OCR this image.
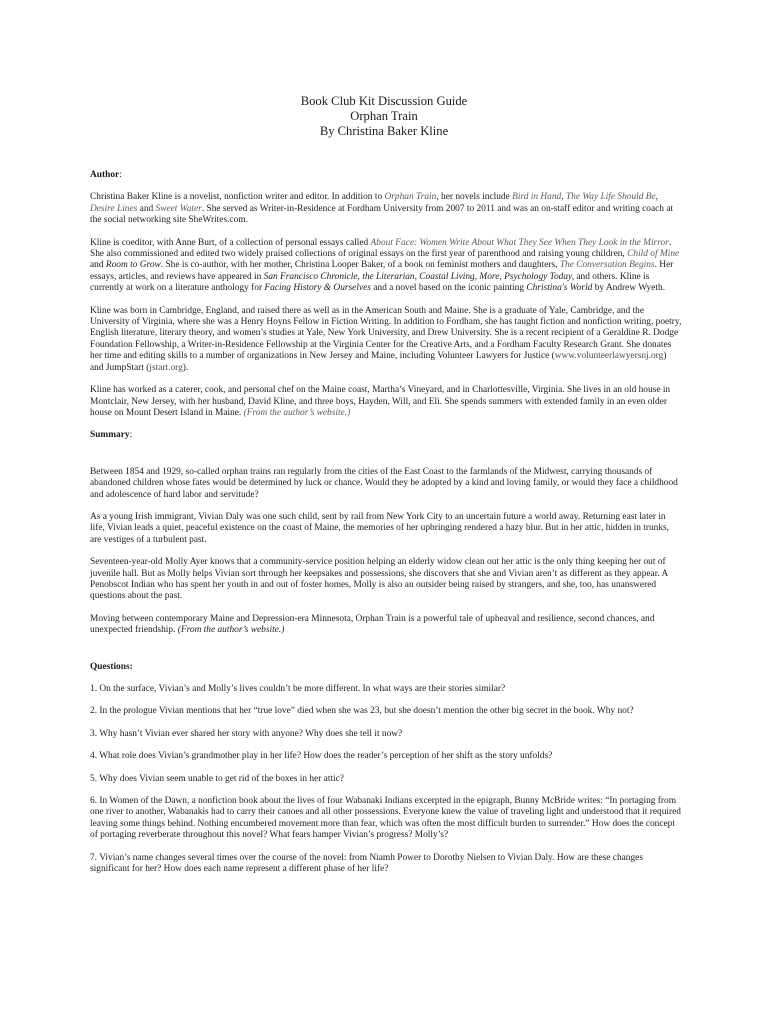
Book Club Kit Discussion Guide
Orphan Train
By Christina Baker Kline
Author:

Christina Baker Kline is a novelist, nonfiction writer and editor. In addition to Orphan Train, her novels include Bird in Hand, The Way Life Should Be, Desire Lines and Sweet Water. She served as Writer-in-Residence at Fordham University from 2007 to 2011 and was an on-staff editor and writing coach at the social networking site SheWrites.com.

Kline is coeditor, with Anne Burt, of a collection of personal essays called About Face: Women Write About What They See When They Look in the Mirror. She also commissioned and edited two widely praised collections of original essays on the first year of parenthood and raising young children, Child of Mine and Room to Grow. She is co-author, with her mother, Christina Looper Baker, of a book on feminist mothers and daughters, The Conversation Begins. Her essays, articles, and reviews have appeared in San Francisco Chronicle, the Literarian, Coastal Living, More, Psychology Today, and others. Kline is currently at work on a literature anthology for Facing History & Ourselves and a novel based on the iconic painting Christina's World by Andrew Wyeth.

Kline was born in Cambridge, England, and raised there as well as in the American South and Maine. She is a graduate of Yale, Cambridge, and the University of Virginia, where she was a Henry Hoyns Fellow in Fiction Writing. In addition to Fordham, she has taught fiction and nonfiction writing, poetry, English literature, literary theory, and women’s studies at Yale, New York University, and Drew University. She is a recent recipient of a Geraldine R. Dodge Foundation Fellowship, a Writer-in-Residence Fellowship at the Virginia Center for the Creative Arts, and a Fordham Faculty Research Grant. She donates her time and editing skills to a number of organizations in New Jersey and Maine, including Volunteer Lawyers for Justice (www.volunteerlawyersnj.org) and JumpStart (jstart.org).

Kline has worked as a caterer, cook, and personal chef on the Maine coast, Martha’s Vineyard, and in Charlottesville, Virginia. She lives in an old house in Montclair, New Jersey, with her husband, David Kline, and three boys, Hayden, Will, and Eli. She spends summers with extended family in an even older house on Mount Desert Island in Maine. (From the author’s website.)

Summary:

Between 1854 and 1929, so-called orphan trains ran regularly from the cities of the East Coast to the farmlands of the Midwest, carrying thousands of abandoned children whose fates would be determined by luck or chance. Would they be adopted by a kind and loving family, or would they face a childhood and adolescence of hard labor and servitude?

As a young Irish immigrant, Vivian Daly was one such child, sent by rail from New York City to an uncertain future a world away. Returning east later in life, Vivian leads a quiet, peaceful existence on the coast of Maine, the memories of her upbringing rendered a hazy blur. But in her attic, hidden in trunks, are vestiges of a turbulent past.

Seventeen-year-old Molly Ayer knows that a community-service position helping an elderly widow clean out her attic is the only thing keeping her out of juvenile hall. But as Molly helps Vivian sort through her keepsakes and possessions, she discovers that she and Vivian aren’t as different as they appear. A Penobscot Indian who has spent her youth in and out of foster homes, Molly is also an outsider being raised by strangers, and she, too, has unanswered questions about the past.

Moving between contemporary Maine and Depression-era Minnesota, Orphan Train is a powerful tale of upheaval and resilience, second chances, and unexpected friendship. (From the author’s website.)

Questions:

1. On the surface, Vivian’s and Molly’s lives couldn’t be more different. In what ways are their stories similar?

2. In the prologue Vivian mentions that her “true love” died when she was 23, but she doesn’t mention the other big secret in the book. Why not?

3. Why hasn’t Vivian ever shared her story with anyone? Why does she tell it now?

4. What role does Vivian’s grandmother play in her life? How does the reader’s perception of her shift as the story unfolds?

5. Why does Vivian seem unable to get rid of the boxes in her attic?

6. In Women of the Dawn, a nonfiction book about the lives of four Wabanaki Indians excerpted in the epigraph, Bunny McBride writes: “In portaging from one river to another, Wabanakis had to carry their canoes and all other possessions. Everyone knew the value of traveling light and understood that it required leaving some things behind. Nothing encumbered movement more than fear, which was often the most difficult burden to surrender.” How does the concept of portaging reverberate throughout this novel? What fears hamper Vivian’s progress? Molly’s?

7. Vivian’s name changes several times over the course of the novel: from Niamh Power to Dorothy Nielsen to Vivian Daly. How are these changes significant for her? How does each name represent a different phase of her life?
